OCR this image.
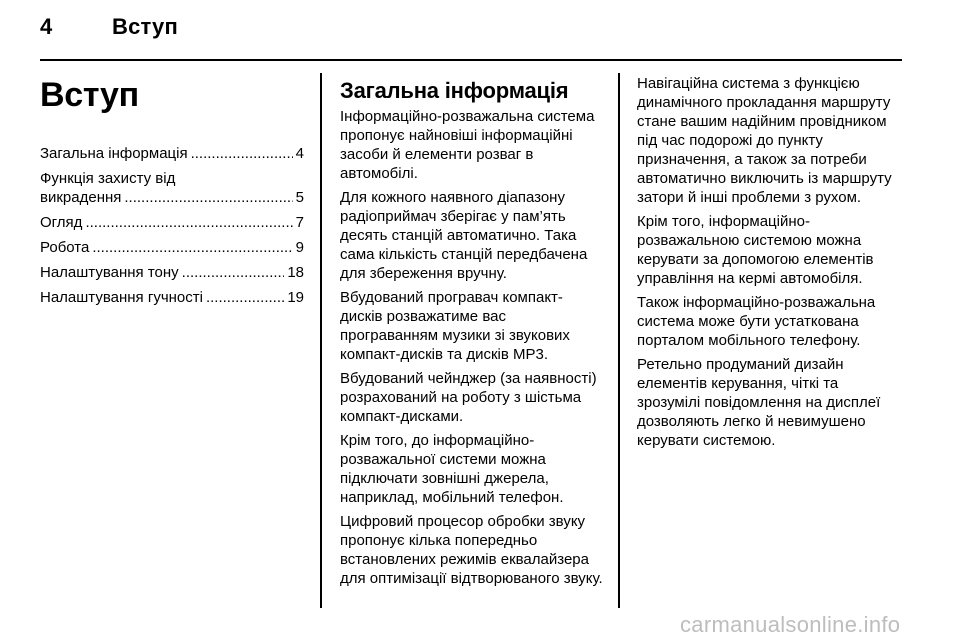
4	Вступ
Вступ
Загальна інформація .....	4
Функція захисту від
викрадення .....	5
Огляд .....	7
Робота .....	9
Налаштування тону .....	18
Налаштування гучності .....	19
Загальна інформація

Інформаційно-розважальна система пропонує найновіші інформаційні засоби й елементи розваг в автомобілі.

Для кожного наявного діапазону радіоприймач зберігає у пам’ять десять станцій автоматично. Така сама кількість станцій передбачена для збереження вручну.

Вбудований програвач компакт-дисків розважатиме вас програванням музики зі звукових компакт-дисків та дисків MP3.

Вбудований чейнджер (за наявності) розрахований на роботу з шістьма компакт-дисками.

Крім того, до інформаційно-розважальної системи можна підключати зовнішні джерела, наприклад, мобільний телефон.

Цифровий процесор обробки звуку пропонує кілька попередньо встановлених режимів еквалайзера для оптимізації відтворюваного звуку.

Навігаційна система з функцією динамічного прокладання маршруту стане вашим надійним провідником під час подорожі до пункту призначення, а також за потреби автоматично виключить із маршруту затори й інші проблеми з рухом.

Крім того, інформаційно-розважальною системою можна керувати за допомогою елементів управління на кермі автомобіля.

Також інформаційно-розважальна система може бути устаткована порталом мобільного телефону.

Ретельно продуманий дизайн елементів керування, чіткі та зрозумілі повідомлення на дисплеї дозволяють легко й невимушено керувати системою.

carmanualsonline.info
